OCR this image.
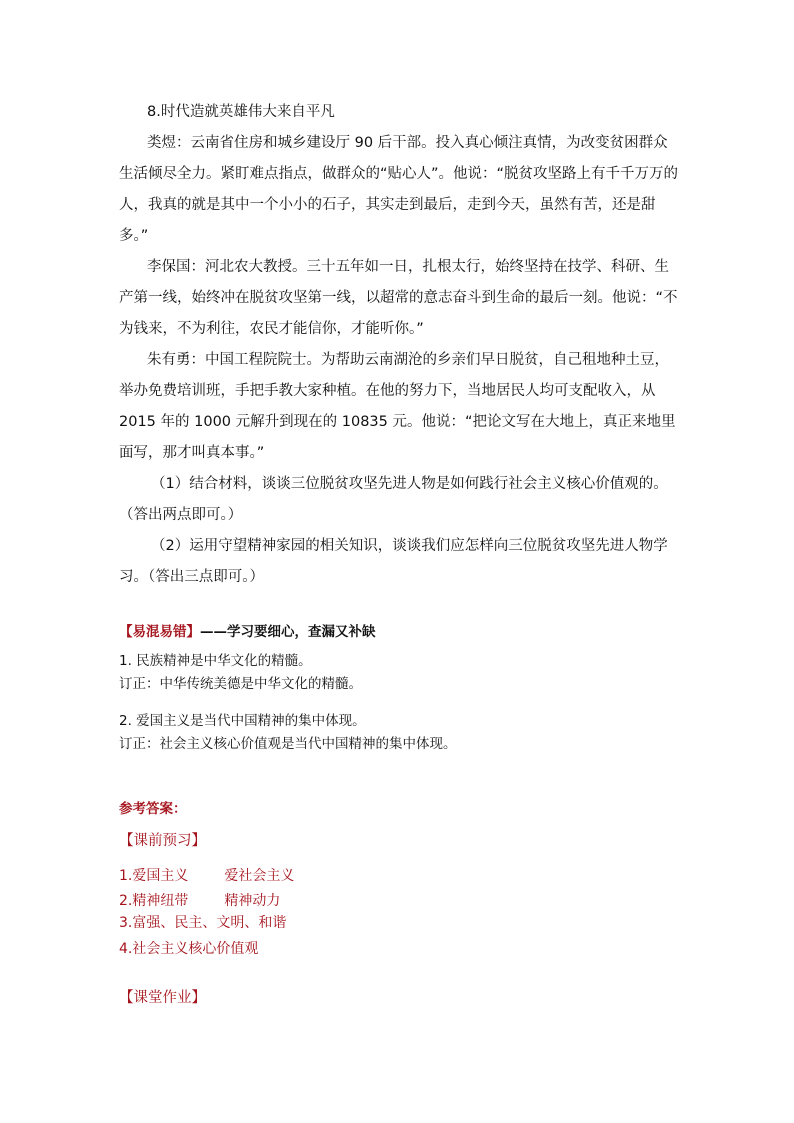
8.时代造就英雄伟大来自平凡

类煜：云南省住房和城乡建设厅 90 后干部。投入真心倾注真情，为改变贫困群众生活倾尽全力。紧盯难点指点，做群众的“贴心人”。他说：“脱贫攻坚路上有千千万万的人，我真的就是其中一个小小的石子，其实走到最后，走到今天，虽然有苦，还是甜多。”

李保国：河北农大教授。三十五年如一日，扎根太行，始终坚持在技学、科研、生产第一线，始终冲在脱贫攻坚第一线，以超常的意志奋斗到生命的最后一刻。他说：“不为钱来，不为利往，农民才能信你，才能听你。”

朱有勇：中国工程院院士。为帮助云南湖沧的乡亲们早日脱贫，自己租地种土豆，举办免费培训班，手把手教大家种植。在他的努力下，当地居民人均可支配收入，从 2015 年的 1000 元解升到现在的 10835 元。他说：“把论文写在大地上，真正来地里面写，那才叫真本事。”

（1）结合材料，谈谈三位脱贫攻坚先进人物是如何践行社会主义核心价值观的。（答出两点即可。）

（2）运用守望精神家园的相关知识，谈谈我们应怎样向三位脱贫攻坚先进人物学习。（答出三点即可。）

【易混易错】——学习要细心，查漏又补缺

1. 民族精神是中华文化的精髓。

订正：中华传统美德是中华文化的精髓。

2. 爱国主义是当代中国精神的集中体现。

订正：社会主义核心价值观是当代中国精神的集中体现。

参考答案：

【课前预习】

1.爱国主义	爱社会主义

2.精神纽带	精神动力

3.富强、民主、文明、和谐

4.社会主义核心价值观

【课堂作业】
